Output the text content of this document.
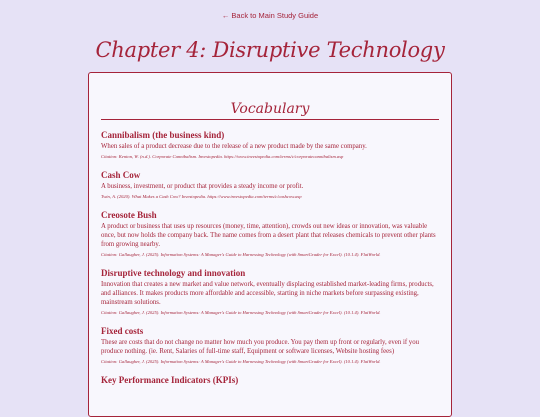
← Back to Main Study Guide
Chapter 4: Disruptive Technology
Vocabulary

Cannibalism (the business kind)

When sales of a product decrease due to the release of a new product made by the same company.

Citation: Kenton, W. (n.d.). Corporate Cannibalism. Investopedia. https://www.investopedia.com/terms/c/corporatecannibalism.asp

Cash Cow

A business, investment, or product that provides a steady income or profit.

Twin, A. (2020). What Makes a Cash Cow? Investopedia. https://www.investopedia.com/terms/c/cashcow.asp

Creosote Bush

A product or business that uses up resources (money, time, attention), crowds out new ideas or innovation, was valuable once, but now holds the company back. The name comes from a desert plant that releases chemicals to prevent other plants from growing nearby.

Citation: Gallaugher, J. (2025). Information Systems: A Manager's Guide to Harnessing Technology (with SmartGrader for Excel). (10.1.4). FlatWorld.

Disruptive technology and innovation

Innovation that creates a new market and value network, eventually displacing established market-leading firms, products, and alliances. It makes products more affordable and accessible, starting in niche markets before surpassing existing, mainstream solutions.

Citation: Gallaugher, J. (2025). Information Systems: A Manager's Guide to Harnessing Technology (with SmartGrader for Excel). (10.1.4). FlatWorld.

Fixed costs

These are costs that do not change no matter how much you produce. You pay them up front or regularly, even if you produce nothing. (ie. Rent, Salaries of full-time staff, Equipment or software licenses, Website hosting fees)

Citation: Gallaugher, J. (2025). Information Systems: A Manager's Guide to Harnessing Technology (with SmartGrader for Excel). (10.1.4). FlatWorld.

Key Performance Indicators (KPIs)
